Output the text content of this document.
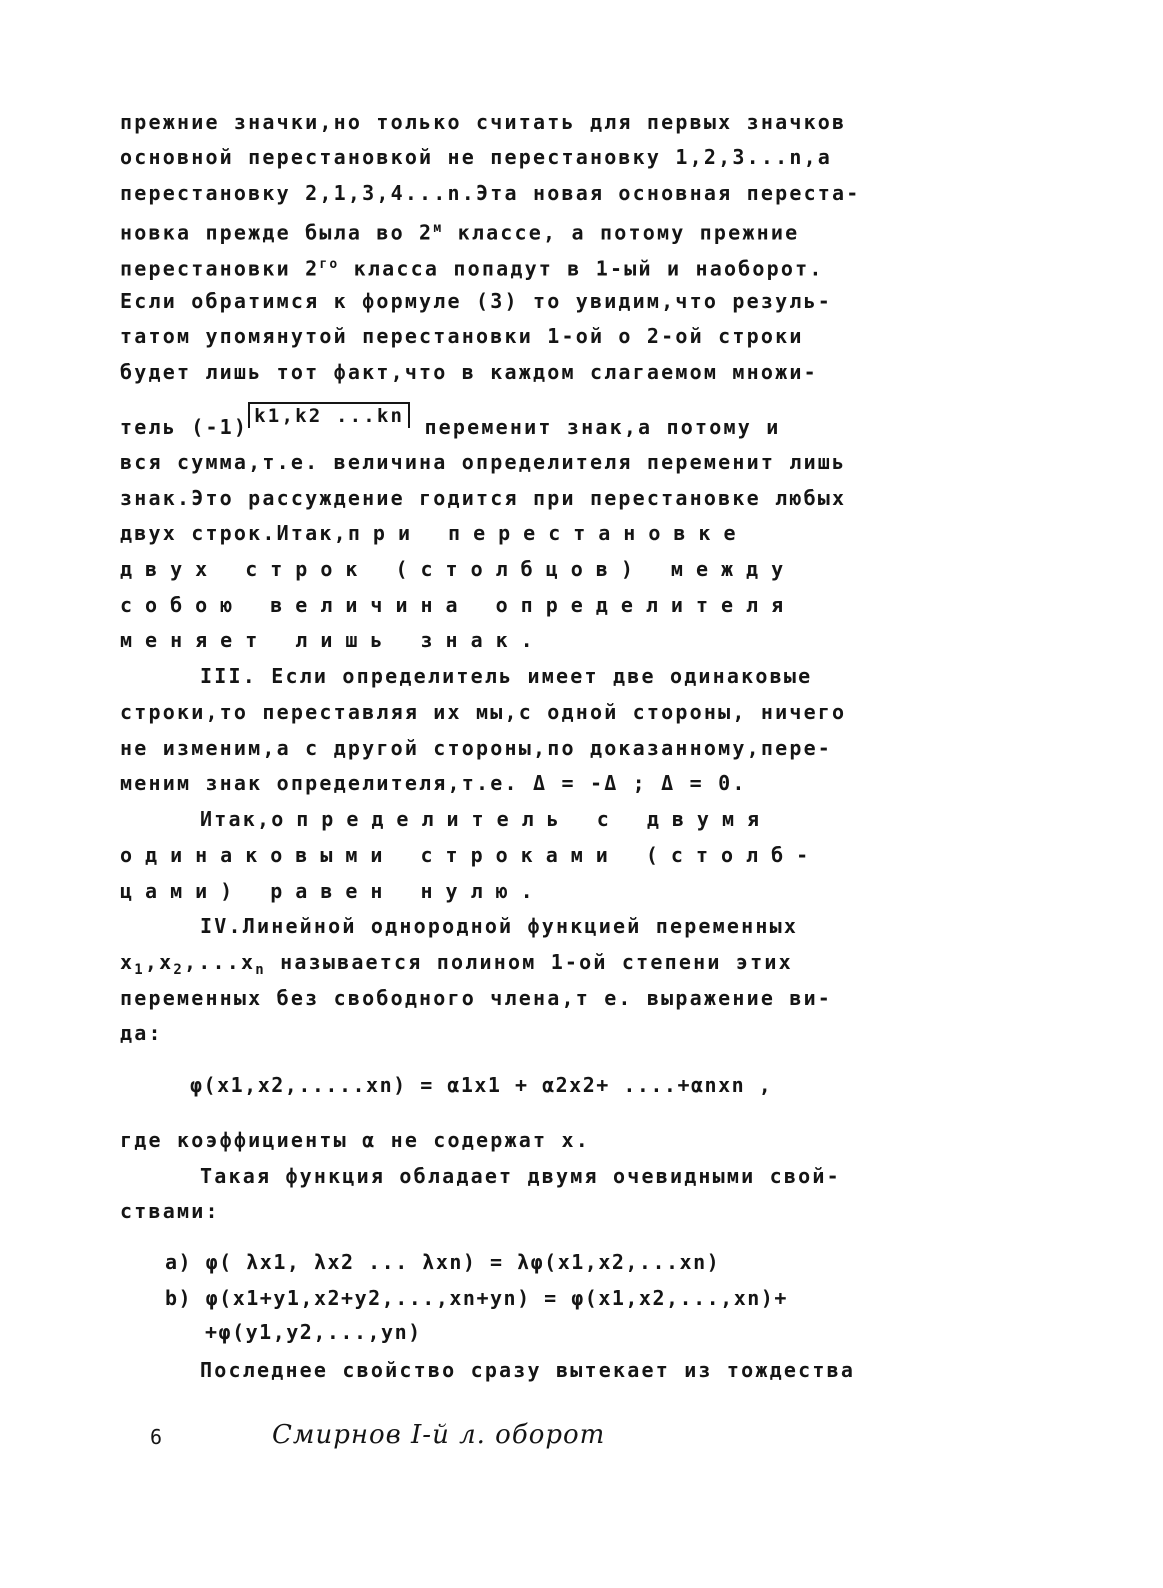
прежние значки,но только считать для первых значков
основной перестановкой не перестановку 1,2,3...n,а
перестановку 2,1,3,4...n.Эта новая основная переста-
новка прежде была во $2^м$ классе, а потому прежние
перестановки $2^{го}$ класса попадут в 1-ый и наоборот.
Если обратимся к формуле (3) то увидим,что резуль-
татом упомянутой перестановки 1-ой о 2-ой строки
будет лишь тот факт,что в каждом слагаемом множи-
тель (-1) k1,k2 ...kn переменит знак,а потому и
вся сумма,т.е. величина определителя переменит лишь
знак.Это рассуждение годится при перестановке любых
двух строк.Итак,при перестановке
двух строк (столбцов) между
собою величина определителя
меняет лишь знак.
III. Если определитель имеет две одинаковые
строки,то переставляя их мы,с одной стороны, ничего
не изменим,а с другой стороны,по доказанному,пере-
меним знак определителя,т.е. Δ = -Δ ; Δ = 0.
Итак,определитель с двумя
одинаковыми строками (столб-
цами) равен нулю.
IV.Линейной однородной функцией переменных
$x_1,x_2,...x_n$ называется полином 1-ой степени этих
переменных без свободного члена,т е. выражение ви-
да:
φ(x1,x2,.....xn) = α1x1 + α2x2+ ....+αnxn ,
где коэффициенты α не содержат x.
Такая функция обладает двумя очевидными свой-
ствами:
a) φ( λx1, λx2 ... λxn) = λφ(x1,x2,...xn)
b) φ(x1+y1,x2+y2,...,xn+yn) = φ(x1,x2,...,xn)+
+φ(y1,y2,...,yn)
Последнее свойство сразу вытекает из тождества
6	Смирнов I-й л. оборот
